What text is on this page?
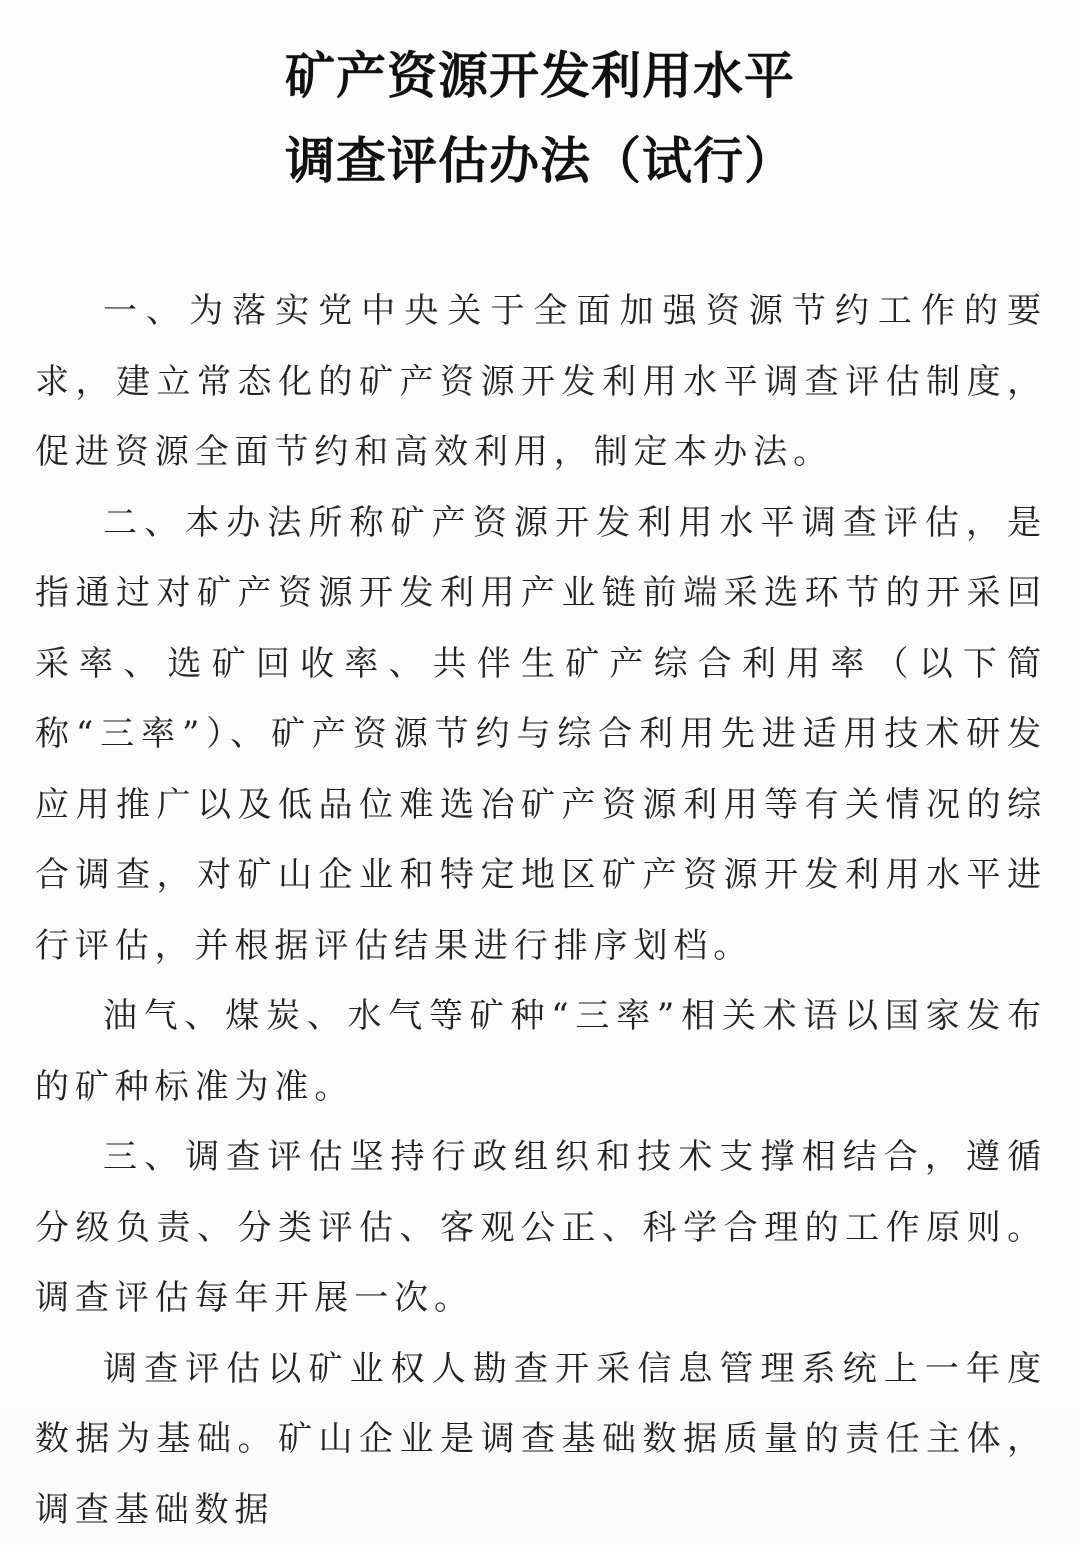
矿产资源开发利用水平
调查评估办法（试行）

一、为落实党中央关于全面加强资源节约工作的要求，建立常态化的矿产资源开发利用水平调查评估制度，促进资源全面节约和高效利用，制定本办法。

二、本办法所称矿产资源开发利用水平调查评估，是指通过对矿产资源开发利用产业链前端采选环节的开采回采率、选矿回收率、共伴生矿产综合利用率（以下简称“三率”）、矿产资源节约与综合利用先进适用技术研发应用推广以及低品位难选冶矿产资源利用等有关情况的综合调查，对矿山企业和特定地区矿产资源开发利用水平进行评估，并根据评估结果进行排序划档。

油气、煤炭、水气等矿种“三率”相关术语以国家发布的矿种标准为准。

三、调查评估坚持行政组织和技术支撑相结合，遵循分级负责、分类评估、客观公正、科学合理的工作原则。调查评估每年开展一次。

调查评估以矿业权人勘查开采信息管理系统上一年度数据为基础。矿山企业是调查基础数据质量的责任主体，调查基础数据
